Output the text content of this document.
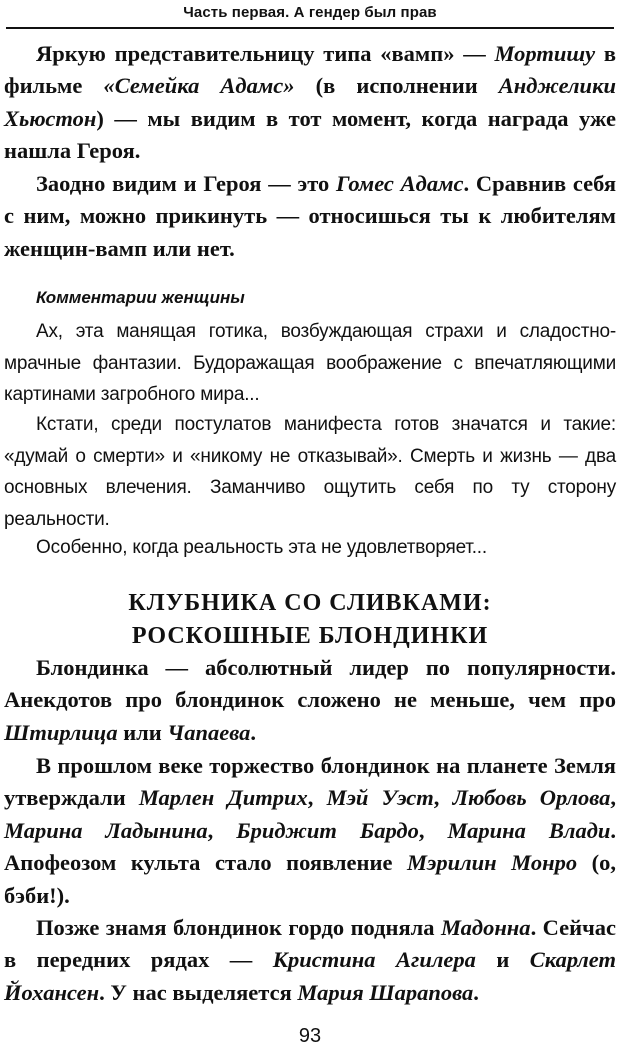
Часть первая. А гендер был прав

Яркую представительницу типа «вамп» — Мортишу в фильме «Семейка Адамс» (в исполнении Анджелики Хьюстон) — мы видим в тот момент, когда награда уже нашла Героя.

Заодно видим и Героя — это Гомес Адамс. Сравнив себя с ним, можно прикинуть — относишься ты к любителям женщин-вамп или нет.

Комментарии женщины

Ах, эта манящая готика, возбуждающая страхи и сладостно-мрачные фантазии. Будоражащая воображение с впечатляющими картинами загробного мира...

Кстати, среди постулатов манифеста готов значатся и такие: «думай о смерти» и «никому не отказывай». Смерть и жизнь — два основных влечения. Заманчиво ощутить себя по ту сторону реальности.

Особенно, когда реальность эта не удовлетворяет...

КЛУБНИКА СО СЛИВКАМИ:
РОСКОШНЫЕ БЛОНДИНКИ

Блондинка — абсолютный лидер по популярности. Анекдотов про блондинок сложено не меньше, чем про Штирлица или Чапаева.

В прошлом веке торжество блондинок на планете Земля утверждали Марлен Дитрих, Мэй Уэст, Любовь Орлова, Марина Ладынина, Бриджит Бардо, Марина Влади. Апофеозом культа стало появление Мэрилин Монро (о, бэби!).

Позже знамя блондинок гордо подняла Мадонна. Сейчас в передних рядах — Кристина Агилера и Скарлет Йохансен. У нас выделяется Мария Шарапова.

93
